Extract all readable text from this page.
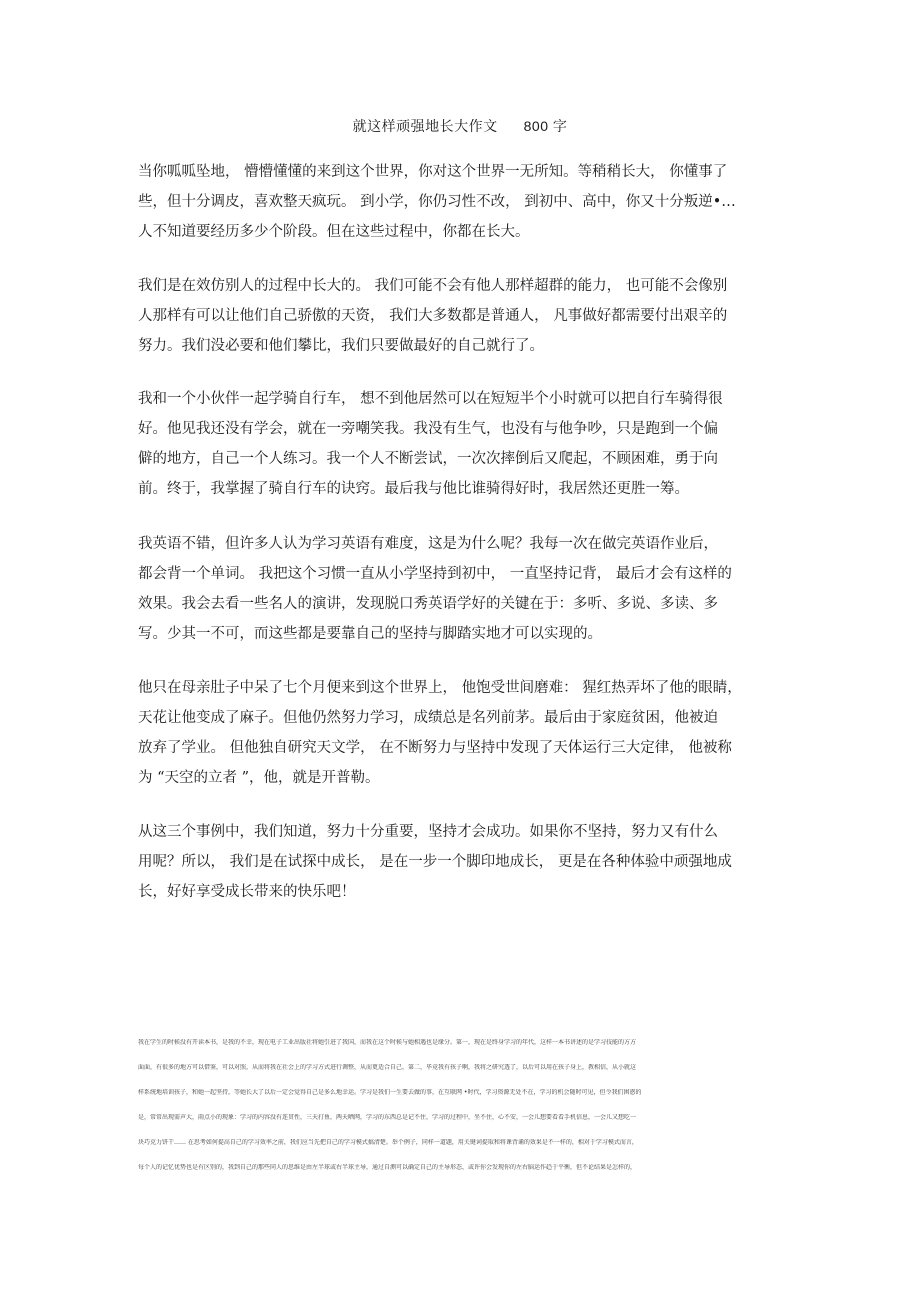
就这样顽强地长大作文 800 字
当你呱呱坠地， 懵懵懂懂的来到这个世界，你对这个世界一无所知。等稍稍长大， 你懂事了
些，但十分调皮，喜欢整天疯玩。 到小学，你仍习性不改， 到初中、高中，你又十分叛逆•…
人不知道要经历多少个阶段。但在这些过程中，你都在长大。
我们是在效仿别人的过程中长大的。 我们可能不会有他人那样超群的能力， 也可能不会像别
人那样有可以让他们自己骄傲的天资， 我们大多数都是普通人， 凡事做好都需要付出艰辛的
努力。我们没必要和他们攀比，我们只要做最好的自己就行了。
我和一个小伙伴一起学骑自行车， 想不到他居然可以在短短半个小时就可以把自行车骑得很
好。他见我还没有学会，就在一旁嘲笑我。我没有生气，也没有与他争吵，只是跑到一个偏
僻的地方，自己一个人练习。我一个人不断尝试，一次次摔倒后又爬起，不顾困难，勇于向
前。终于，我掌握了骑自行车的诀窍。最后我与他比谁骑得好时，我居然还更胜一筹。
我英语不错，但许多人认为学习英语有难度，这是为什么呢？我每一次在做完英语作业后，
都会背一个单词。 我把这个习惯一直从小学坚持到初中， 一直坚持记背， 最后才会有这样的
效果。我会去看一些名人的演讲，发现脱口秀英语学好的关键在于：多听、多说、多读、多
写。少其一不可，而这些都是要靠自己的坚持与脚踏实地才可以实现的。
他只在母亲肚子中呆了七个月便来到这个世界上， 他饱受世间磨难： 猩红热弄坏了他的眼睛，
天花让他变成了麻子。但他仍然努力学习，成绩总是名列前茅。最后由于家庭贫困，他被迫
放弃了学业。 但他独自研究天文学， 在不断努力与坚持中发现了天体运行三大定律， 他被称
为 “天空的立者 ”，他，就是开普勒。
从这三个事例中，我们知道，努力十分重要，坚持才会成功。如果你不坚持，努力又有什么
用呢？所以， 我们是在试探中成长， 是在一步一个脚印地成长， 更是在各种体验中顽强地成
长，好好享受成长带来的快乐吧！
我在学生的时候没有开读本书，是我的不幸，现在电子工业出版社将她引进了我国，而我在这个时候与她相遇也是缘分。第一，现在是终身学习的年代，这样一本书讲述的是学习技能的方方
面面，有很多的地方可以借鉴，可以对照，从而将我在社会上的学习方式进行调整，从而更适合自己，第二，毕竟我有孩子啊，我将之研究透了，以后可以用在孩子身上，教相信，从小就这
样系统地培训孩子，和她一起坚持，等她长大了以后一定会觉得自己是多么地幸运。学习是我们一生要去做的事，在互联网 •时代，学习资源无处不在，学习的机会随时可见，但令我们困惑的
是，常常出现需声大，雨点小的现象：学习的内容没有连贯性，三天打鱼，两天晒网，学习的东西总是记不住，学习的过程中，坐不住，心不安，一会儿想要看看手机信息，一会儿又想吃一
块巧克力饼干…… 在思考如何提高自己的学习效率之前，我们应当先把自己的学习模式搞清楚。举个例子，同样一道题，用关键词提取和将课背诵的效果是不一样的，相对于学习模式而言，
每个人的记忆优势也是有区别的，我到自己的那些同人的思维是由左半球或右半球主导，通过自测可以确定自己的主导形态，或许你会发现你的左右脑运作趋于平衡，但不论结果是怎样的，
